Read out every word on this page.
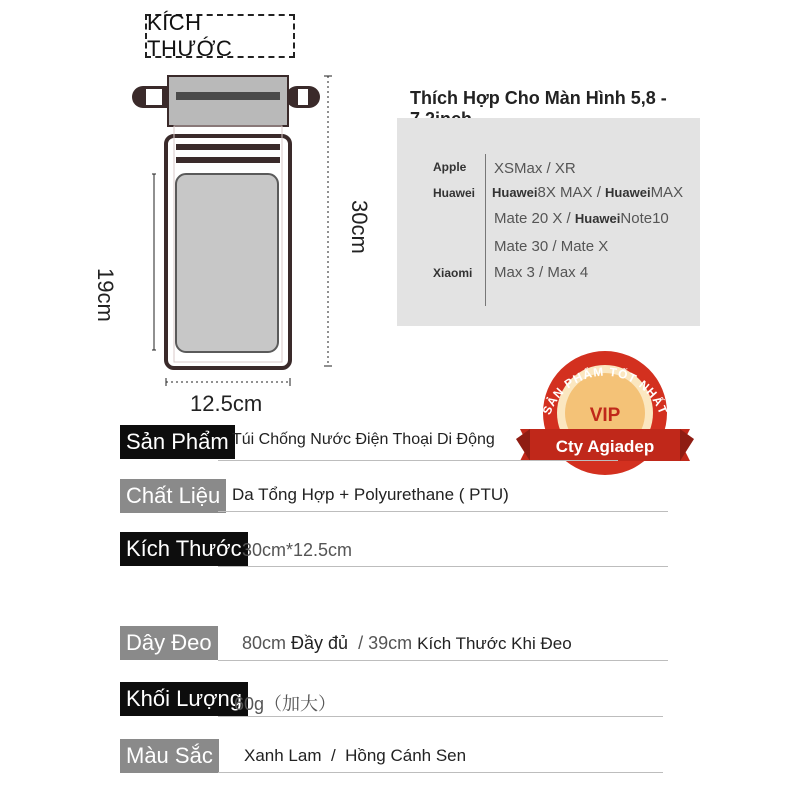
KÍCH THƯỚC
12.5cm
19cm
30cm
Thích Hợp Cho Màn Hình 5,8 -
Apple
Huawei
Xiaomi
XSMax / XR
Huawei8X MAX / HuaweiMAX
Mate 20 X / HuaweiNote10
Mate 30 / Mate X
Max 3 / Max 4
SẢN PHẨM TỐT NHẤT
VIP
Cty Agiadep
Sản Phẩm Túi Chống Nước Điện Thoại Di Động
Chất Liệu Da Tổng Hợp + Polyurethane ( PTU)
Kích Thước 30cm*12.5cm
Dây Đeo	80cm Đầy đủ / 39cm Kích Thước Khi Đeo
Khối Lượng
60g（加大）
Màu Sắc	Xanh Lam  /  Hồng Cánh Sen
